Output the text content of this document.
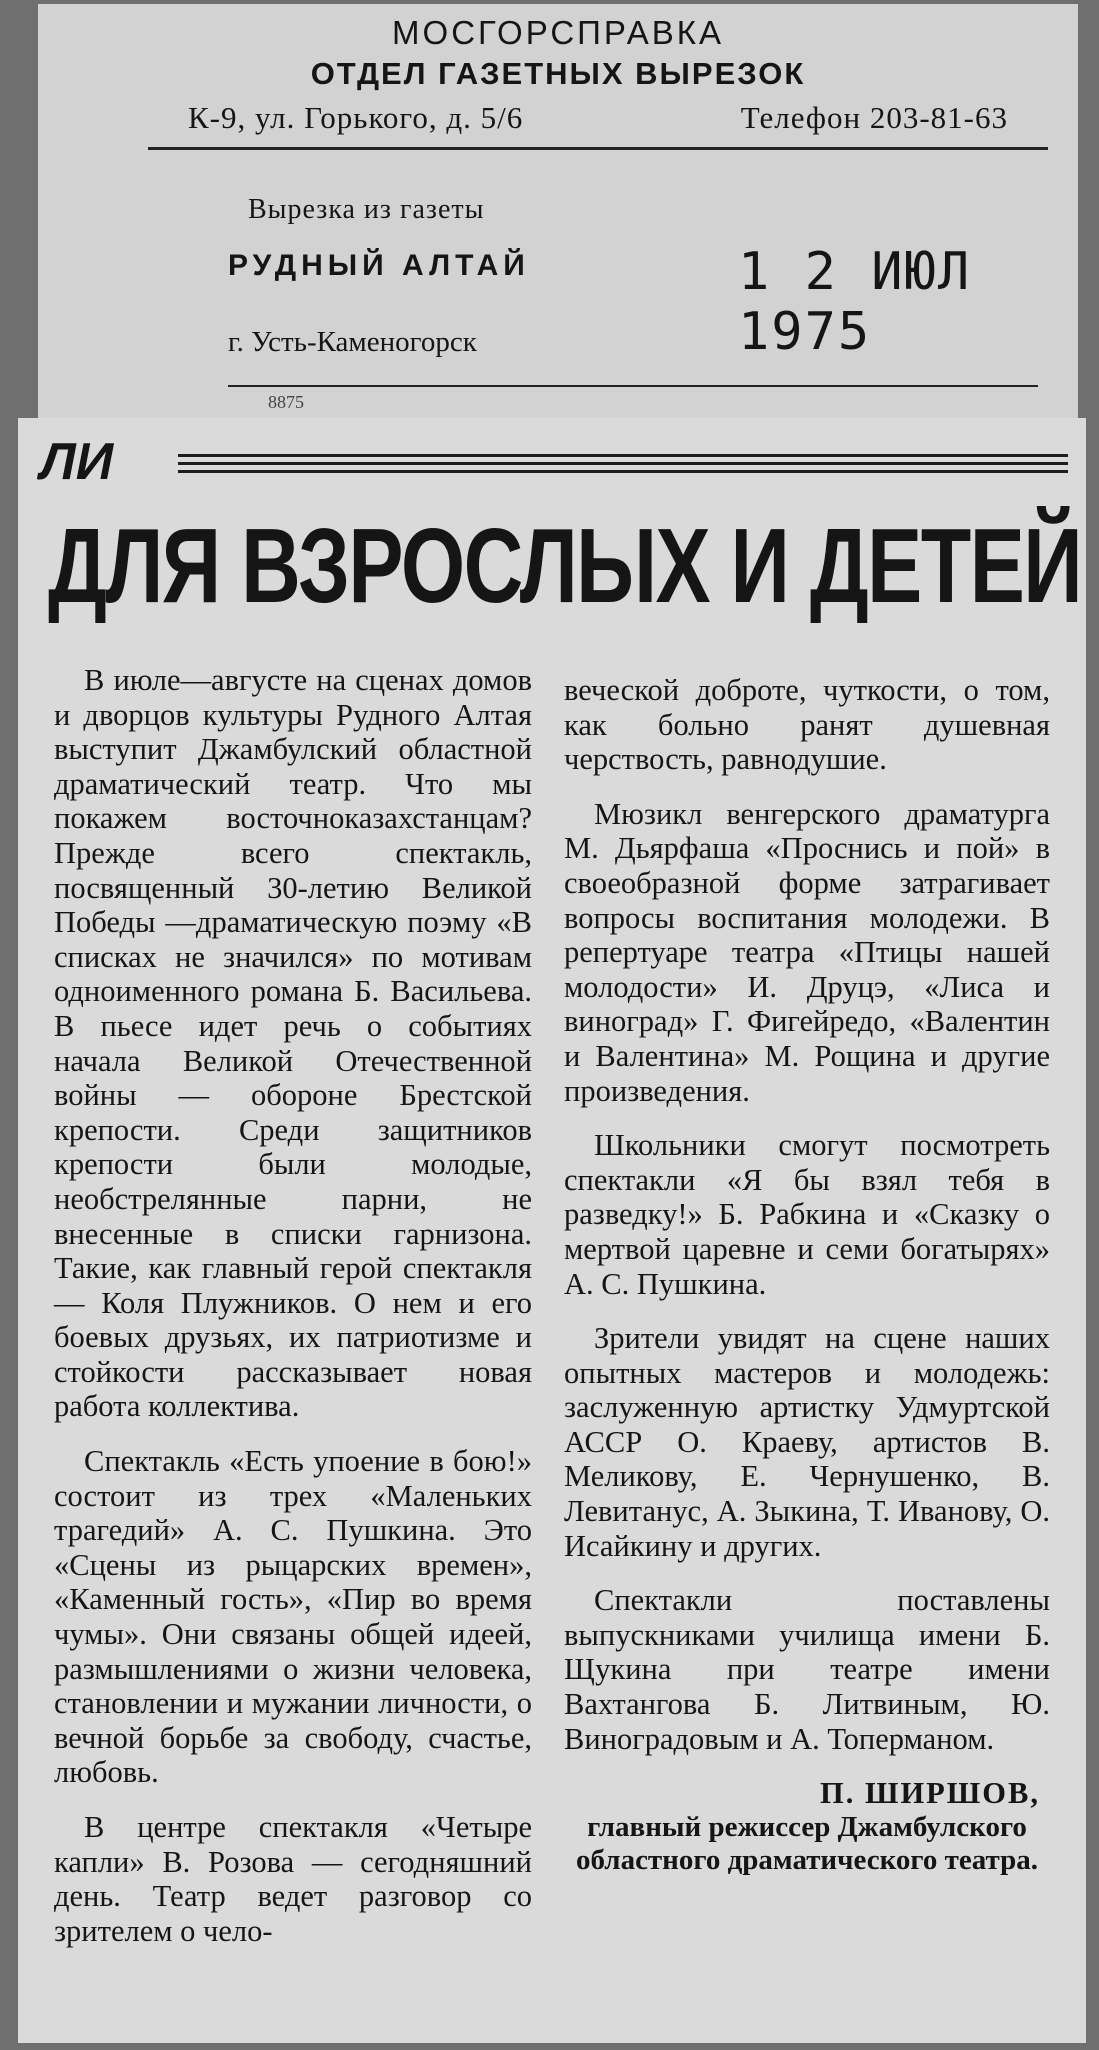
МОСГОРСПРАВКА
ОТДЕЛ ГАЗЕТНЫХ ВЫРЕЗОК
К-9, ул. Горького, д. 5/6	Телефон 203-81-63
Вырезка из газеты
РУДНЫЙ АЛТАЙ	1 2 ИЮЛ 1975
г. Усть-Каменогорск
8875
ЛИ
ДЛЯ ВЗРОСЛЫХ И ДЕТЕЙ

В июле—августе на сценах домов и дворцов культуры Рудного Алтая выступит Джамбулский областной драматический театр. Что мы покажем восточноказахстанцам? Прежде всего спектакль, посвященный 30-летию Великой Победы —драматическую поэму «В списках не значился» по мотивам одноименного романа Б. Васильева. В пьесе идет речь о событиях начала Великой Отечественной войны — обороне Брестской крепости. Среди защитников крепости были молодые, необстрелянные парни, не внесенные в списки гарнизона. Такие, как главный герой спектакля — Коля Плужников. О нем и его боевых друзьях, их патриотизме и стойкости рассказывает новая работа коллектива.

Спектакль «Есть упоение в бою!» состоит из трех «Маленьких трагедий» А. С. Пушкина. Это «Сцены из рыцарских времен», «Каменный гость», «Пир во время чумы». Они связаны общей идеей, размышлениями о жизни человека, становлении и мужании личности, о вечной борьбе за свободу, счастье, любовь.

В центре спектакля «Четыре капли» В. Розова — сегодняшний день. Театр ведет разговор со зрителем о чело-

веческой доброте, чуткости, о том, как больно ранят душевная черствость, равнодушие.

Мюзикл венгерского драматурга М. Дьярфаша «Проснись и пой» в своеобразной форме затрагивает вопросы воспитания молодежи. В репертуаре театра «Птицы нашей молодости» И. Друцэ, «Лиса и виноград» Г. Фигейредо, «Валентин и Валентина» М. Рощина и другие произведения.

Школьники смогут посмотреть спектакли «Я бы взял тебя в разведку!» Б. Рабкина и «Сказку о мертвой царевне и семи богатырях» А. С. Пушкина.

Зрители увидят на сцене наших опытных мастеров и молодежь: заслуженную артистку Удмуртской АССР О. Краеву, артистов В. Меликову, Е. Чернушенко, В. Левитанус, А. Зыкина, Т. Иванову, О. Исайкину и других.

Спектакли поставлены выпускниками училища имени Б. Щукина при театре имени Вахтангова Б. Литвиным, Ю. Виноградовым и А. Топерманом.

П. ШИРШОВ,
главный режиссер Джамбулского областного драматического театра.
